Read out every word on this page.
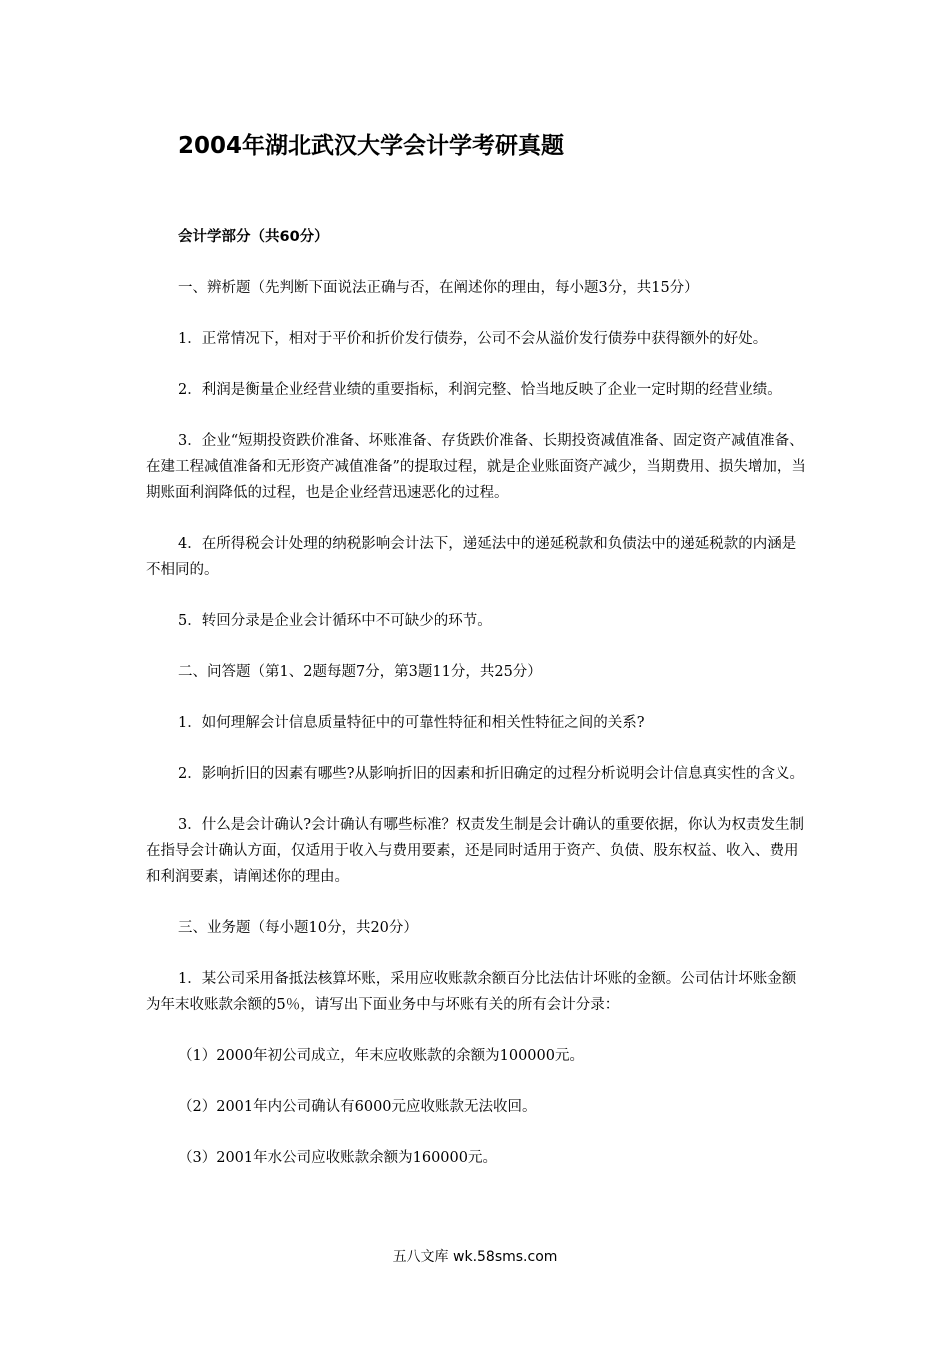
2004年湖北武汉大学会计学考研真题

会计学部分（共60分）

一、辨析题（先判断下面说法正确与否，在阐述你的理由，每小题3分，共15分）

1．正常情况下，相对于平价和折价发行债券，公司不会从溢价发行债券中获得额外的好处。

2．利润是衡量企业经营业绩的重要指标，利润完整、恰当地反映了企业一定时期的经营业绩。

3．企业“短期投资跌价准备、坏账准备、存货跌价准备、长期投资减值准备、固定资产减值准备、在建工程减值准备和无形资产减值准备”的提取过程，就是企业账面资产减少，当期费用、损失增加，当期账面利润降低的过程，也是企业经营迅速恶化的过程。

4．在所得税会计处理的纳税影响会计法下，递延法中的递延税款和负债法中的递延税款的内涵是不相同的。

5．转回分录是企业会计循环中不可缺少的环节。

二、问答题（第1、2题每题7分，第3题11分，共25分）

1．如何理解会计信息质量特征中的可靠性特征和相关性特征之间的关系?

2．影响折旧的因素有哪些?从影响折旧的因素和折旧确定的过程分析说明会计信息真实性的含义。

3．什么是会计确认?会计确认有哪些标准？权责发生制是会计确认的重要依据，你认为权责发生制在指导会计确认方面，仅适用于收入与费用要素，还是同时适用于资产、负债、股东权益、收入、费用和利润要素，请阐述你的理由。

三、业务题（每小题10分，共20分）

1．某公司采用备抵法核算坏账，采用应收账款余额百分比法估计坏账的金额。公司估计坏账金额为年末收账款余额的5％，请写出下面业务中与坏账有关的所有会计分录：

（1）2000年初公司成立，年末应收账款的余额为100000元。

（2）2001年内公司确认有6000元应收账款无法收回。

（3）2001年水公司应收账款余额为160000元。

五八文库 wk.58sms.com
